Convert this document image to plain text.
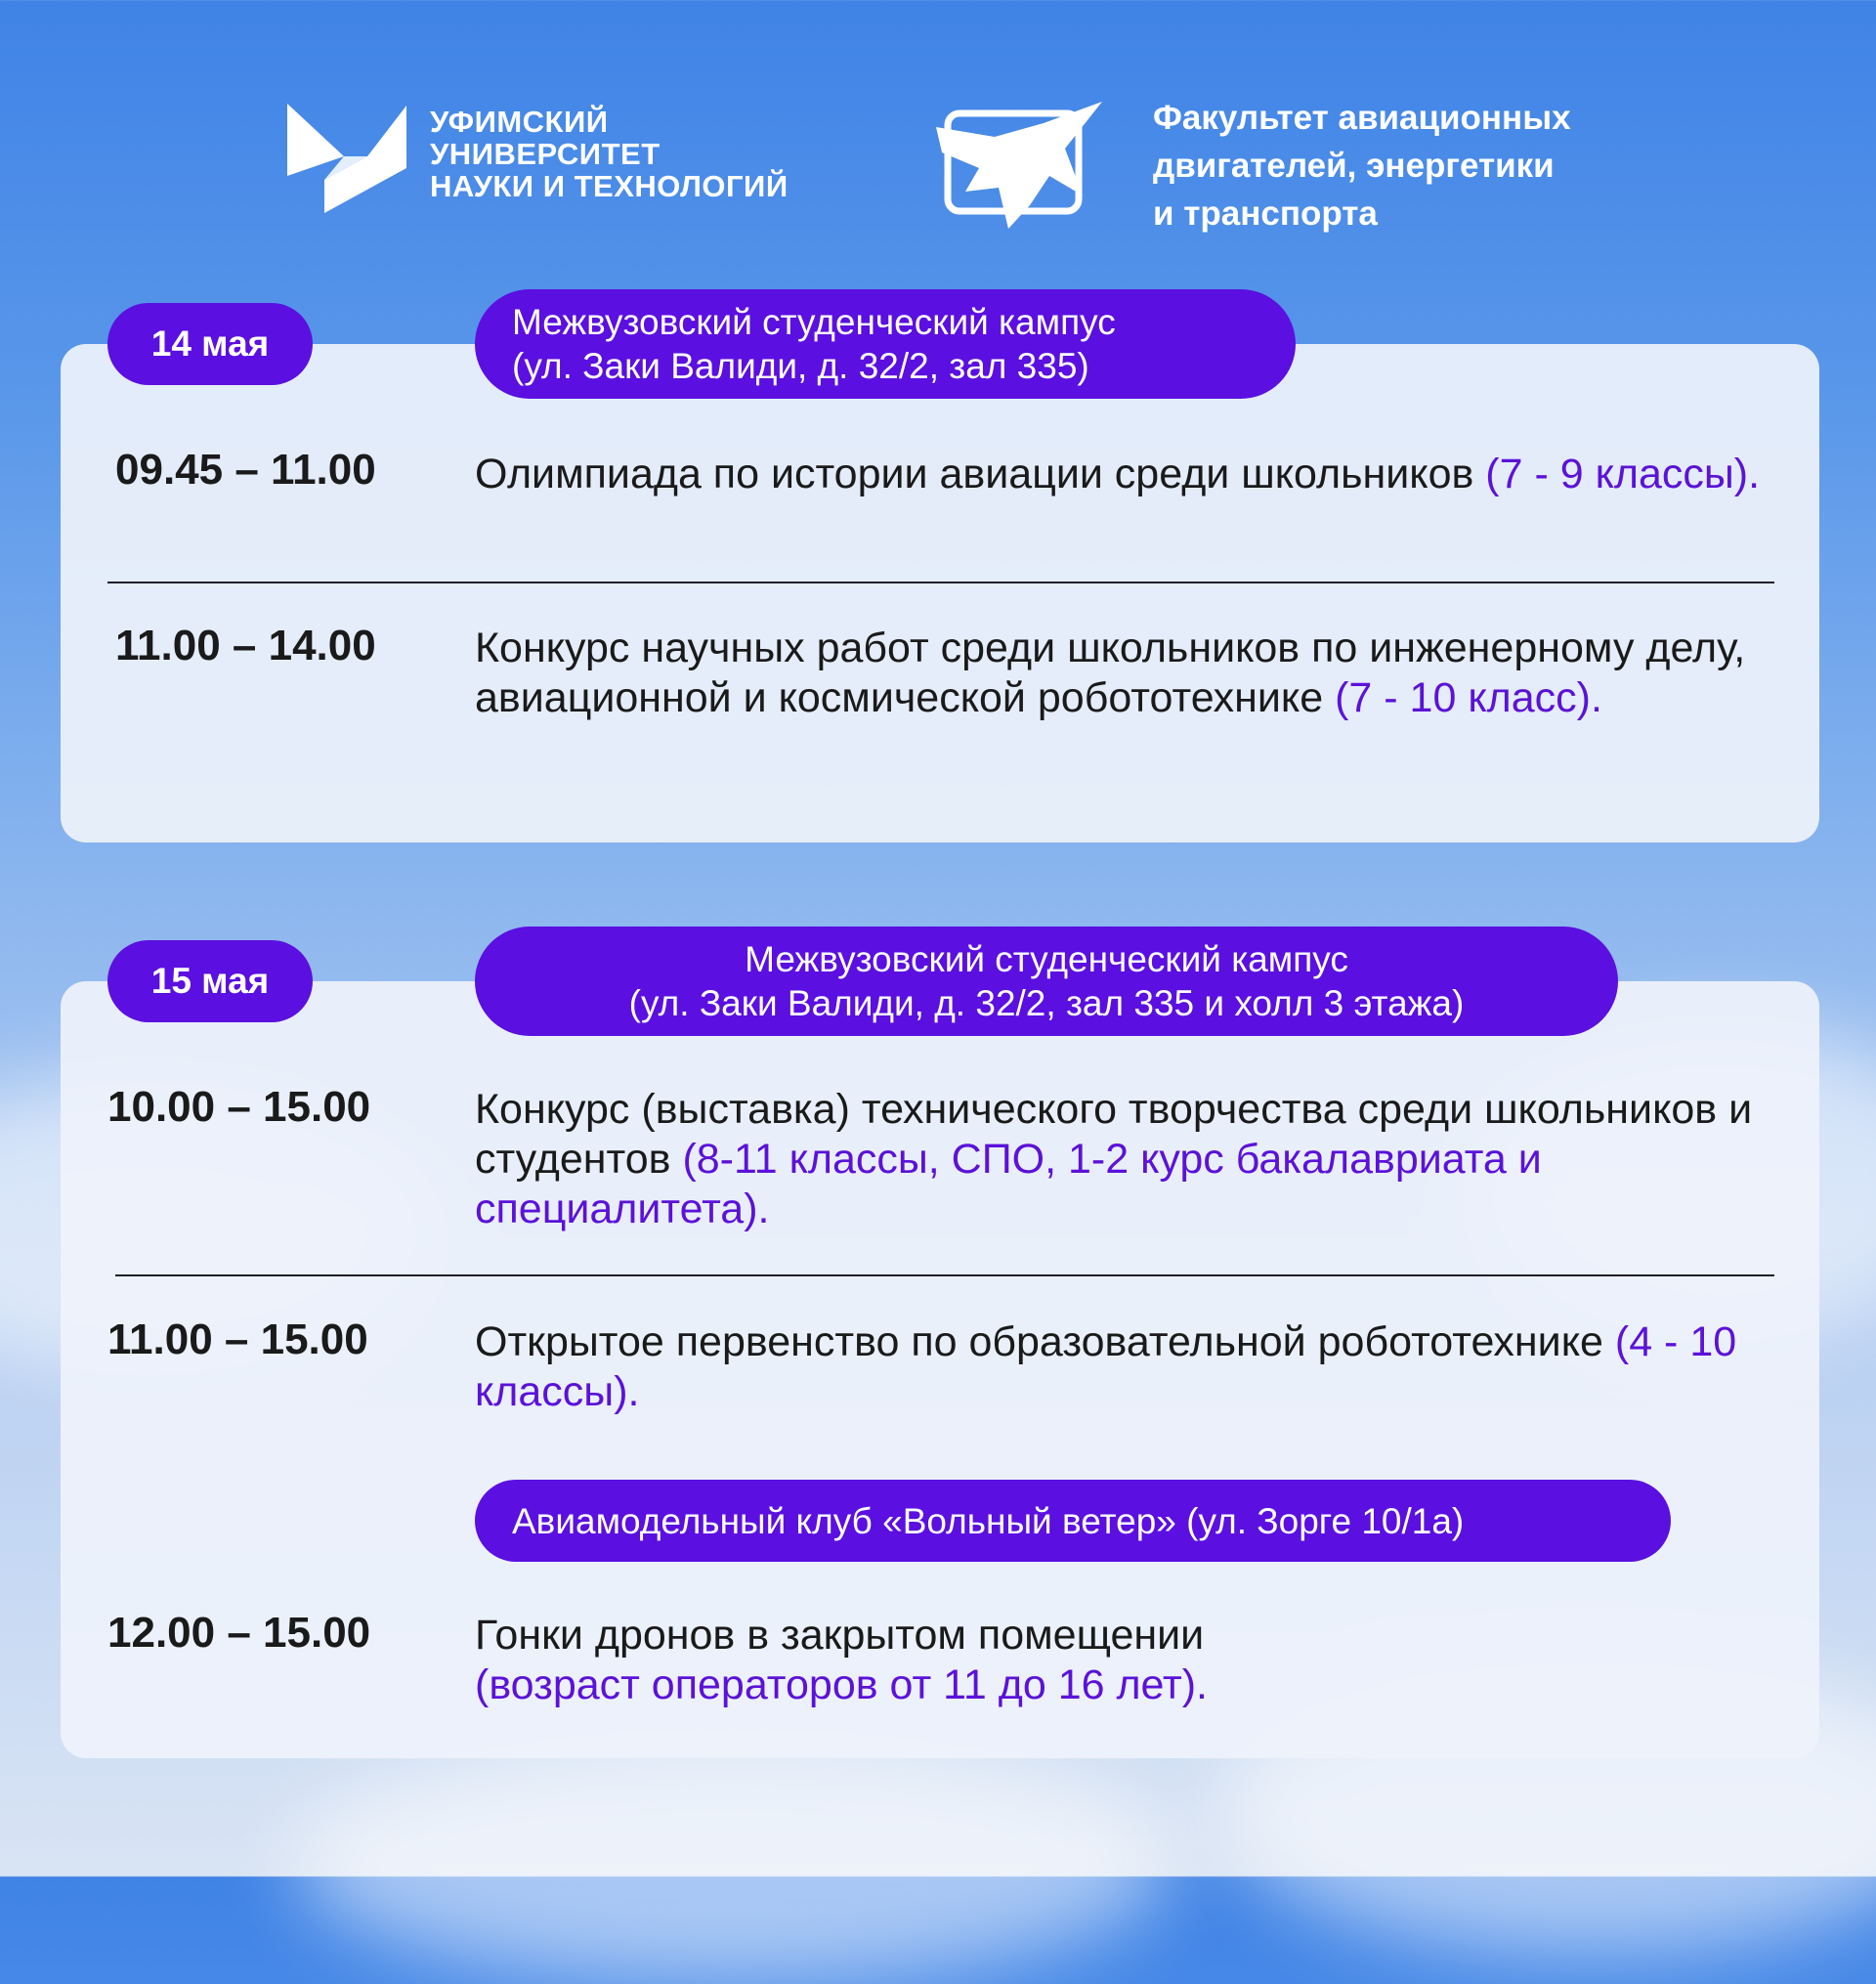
УФИМСКИЙ
УНИВЕРСИТЕТ
НАУКИ И ТЕХНОЛОГИЙ
Факультет авиационных
двигателей, энергетики
и транспорта
14 мая
Межвузовский студенческий кампус
(ул. Заки Валиди, д. 32/2, зал 335)
09.45 – 11.00 Олимпиада по истории авиации среди школьников (7 - 9 классы).
11.00 – 14.00 Конкурс научных работ среди школьников по инженерному делу, авиационной и космической робототехнике (7 - 10 класс).
15 мая
Межвузовский студенческий кампус
(ул. Заки Валиди, д. 32/2, зал 335 и холл 3 этажа)
10.00 – 15.00 Конкурс (выставка) технического творчества среди школьников и студентов (8-11 классы, СПО, 1-2 курс бакалавриата и специалитета).
11.00 – 15.00	Открытое первенство по образовательной робототехнике (4 - 10 классы).
Авиамодельный клуб «Вольный ветер» (ул. Зорге 10/1а)
12.00 – 15.00 Гонки дронов в закрытом помещении
(возраст операторов от 11 до 16 лет).
